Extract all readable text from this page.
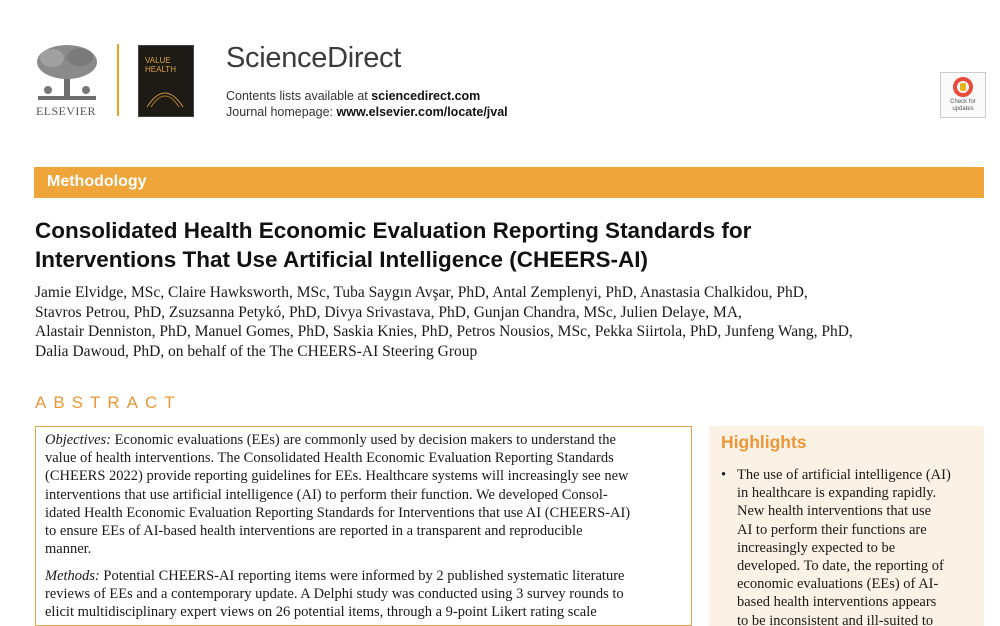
ELSEVIER
VALUE HEALTH	ScienceDirect
Contents lists available at sciencedirect.com
Journal homepage: www.elsevier.com/locate/jval
Check for updates
Methodology
Consolidated Health Economic Evaluation Reporting Standards for
Interventions That Use Artificial Intelligence (CHEERS-AI)
Jamie Elvidge, MSc, Claire Hawksworth, MSc, Tuba Saygın Avşar, PhD, Antal Zemplenyi, PhD, Anastasia Chalkidou, PhD,
Stavros Petrou, PhD, Zsuzsanna Petykó, PhD, Divya Srivastava, PhD, Gunjan Chandra, MSc, Julien Delaye, MA,
Alastair Denniston, PhD, Manuel Gomes, PhD, Saskia Knies, PhD, Petros Nousios, MSc, Pekka Siirtola, PhD, Junfeng Wang, PhD,
Dalia Dawoud, PhD, on behalf of the The CHEERS-AI Steering Group
ABSTRACT
Objectives: Economic evaluations (EEs) are commonly used by decision makers to understand the
value of health interventions. The Consolidated Health Economic Evaluation Reporting Standards
(CHEERS 2022) provide reporting guidelines for EEs. Healthcare systems will increasingly see new
interventions that use artificial intelligence (AI) to perform their function. We developed Consol-
idated Health Economic Evaluation Reporting Standards for Interventions that use AI (CHEERS-AI)
to ensure EEs of AI-based health interventions are reported in a transparent and reproducible
manner.
Methods: Potential CHEERS-AI reporting items were informed by 2 published systematic literature
reviews of EEs and a contemporary update. A Delphi study was conducted using 3 survey rounds to
elicit multidisciplinary expert views on 26 potential items, through a 9-point Likert rating scale
Highlights
• The use of artificial intelligence (AI)
in healthcare is expanding rapidly.
New health interventions that use
AI to perform their functions are
increasingly expected to be
developed. To date, the reporting of
economic evaluations (EEs) of AI-
based health interventions appears
to be inconsistent and ill-suited to
